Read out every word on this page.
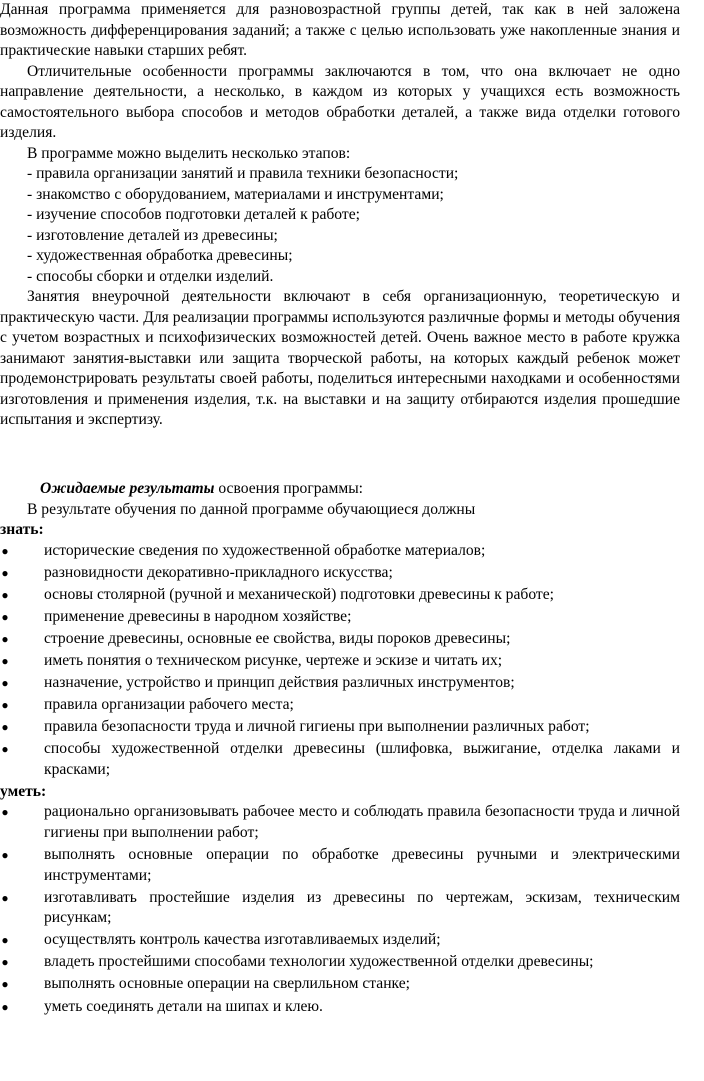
Данная программа применяется для разновозрастной группы детей, так как в ней заложена возможность дифференцирования заданий; а также с целью использовать уже накопленные знания и практические навыки старших ребят.

Отличительные особенности программы заключаются в том, что она включает не одно направление деятельности, а несколько, в каждом из которых у учащихся есть возможность самостоятельного выбора способов и методов обработки деталей, а также вида отделки готового изделия.

В программе можно выделить несколько этапов:

- правила организации занятий и правила техники безопасности;
- знакомство с оборудованием, материалами и инструментами;
- изучение способов подготовки деталей к работе;
- изготовление деталей из древесины;
- художественная обработка древесины;
- способы сборки и отделки изделий.

Занятия внеурочной деятельности включают в себя организационную, теоретическую и практическую части. Для реализации программы используются различные формы и методы обучения с учетом возрастных и психофизических возможностей детей. Очень важное место в работе кружка занимают занятия-выставки или защита творческой работы, на которых каждый ребенок может продемонстрировать результаты своей работы, поделиться интересными находками и особенностями изготовления и применения изделия, т.к. на выставки и на защиту отбираются изделия прошедшие испытания и экспертизу.

Ожидаемые результаты освоения программы:

В результате обучения по данной программе обучающиеся должны

знать:

● исторические сведения по художественной обработке материалов;
● разновидности декоративно-прикладного искусства;
● основы столярной (ручной и механической) подготовки древесины к работе;
● применение древесины в народном хозяйстве;
● строение древесины, основные ее свойства, виды пороков древесины;
● иметь понятия о техническом рисунке, чертеже и эскизе и читать их;
● назначение, устройство и принцип действия различных инструментов;
● правила организации рабочего места;
● правила безопасности труда и личной гигиены при выполнении различных работ;
● способы художественной отделки древесины (шлифовка, выжигание, отделка лаками и красками;

уметь:

● рационально организовывать рабочее место и соблюдать правила безопасности труда и личной гигиены при выполнении работ;
● выполнять основные операции по обработке древесины ручными и электрическими инструментами;
● изготавливать простейшие изделия из древесины по чертежам, эскизам, техническим рисункам;
● осуществлять контроль качества изготавливаемых изделий;
● владеть простейшими способами технологии художественной отделки древесины;
● выполнять основные операции на сверлильном станке;
● уметь соединять детали на шипах и клею.
